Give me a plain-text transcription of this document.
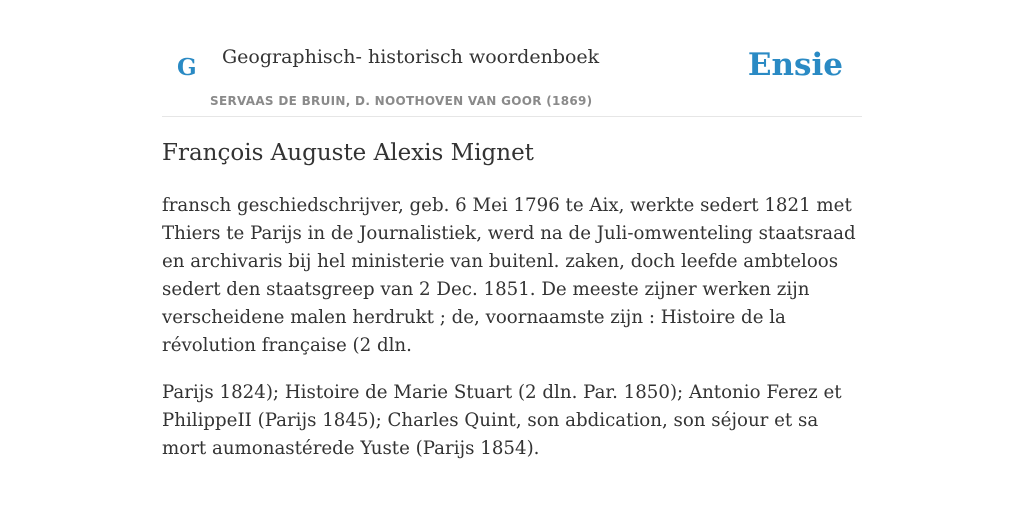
G Geographisch- historisch woordenboek
SERVAAS DE BRUIN, D. NOOTHOVEN VAN GOOR (1869)
Ensie
François Auguste Alexis Mignet

fransch geschiedschrijver, geb. 6 Mei 1796 te Aix, werkte sedert 1821 met Thiers te Parijs in de Journalistiek, werd na de Juli-omwenteling staatsraad en archivaris bij hel ministerie van buitenl. zaken, doch leefde ambteloos sedert den staatsgreep van 2 Dec. 1851. De meeste zijner werken zijn verscheidene malen herdrukt ; de, voornaamste zijn : Histoire de la révolution française (2 dln.

Parijs 1824); Histoire de Marie Stuart (2 dln. Par. 1850); Antonio Ferez et PhilippeII (Parijs 1845); Charles Quint, son abdication, son séjour et sa mort aumonastérede Yuste (Parijs 1854).
